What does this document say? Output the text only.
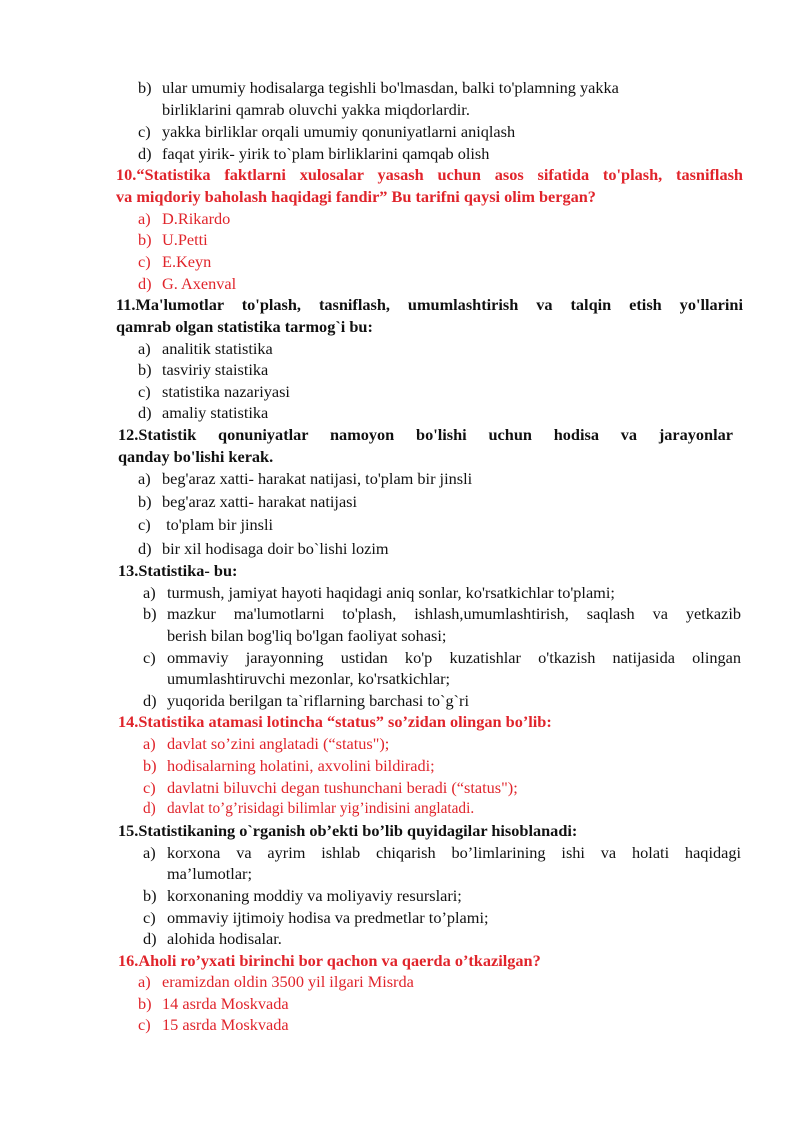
b) ular umumiy hodisalarga tegishli bo'lmasdan, balki to'plamning yakka
birliklarini qamrab oluvchi yakka miqdorlardir.
c) yakka birliklar orqali umumiy qonuniyatlarni aniqlash
d) faqat yirik- yirik to`plam birliklarini qamqab olish
10.“Statistika faktlarni xulosalar yasash uchun asos sifatida to'plash, tasniflash
va miqdoriy baholash haqidagi fandir” Bu tarifni qaysi olim bergan?
a) D.Rikardo
b) U.Petti
c) E.Keyn
d) G. Axenval
11.Ma'lumotlar to'plash, tasniflash, umumlashtirish va talqin etish yo'llarini
qamrab olgan statistika tarmog`i bu:
a) analitik statistika
b) tasviriy staistika
c) statistika nazariyasi
d) amaliy statistika
12.Statistik qonuniyatlar namoyon bo'lishi uchun hodisa va jarayonlar
qanday bo'lishi kerak.
a) beg'araz xatti- harakat natijasi, to'plam bir jinsli
b) beg'araz xatti- harakat natijasi
c) to'plam bir jinsli
d) bir xil hodisaga doir bo`lishi lozim
13.Statistika- bu:
a) turmush, jamiyat hayoti haqidagi aniq sonlar, ko'rsatkichlar to'plami;
b) mazkur ma'lumotlarni to'plash, ishlash,umumlashtirish, saqlash va yetkazib
berish bilan bog'liq bo'lgan faoliyat sohasi;
c) ommaviy jarayonning ustidan ko'p kuzatishlar o'tkazish natijasida olingan
umumlashtiruvchi mezonlar, ko'rsatkichlar;
d) yuqorida berilgan ta`riflarning barchasi to`g`ri
14.Statistika atamasi lotincha “status” so’zidan olingan bo’lib:
a) davlat so’zini anglatadi (“status");
b) hodisalarning holatini, axvolini bildiradi;
c) davlatni biluvchi degan tushunchani beradi (“status");
d) davlat to’g’risidagi bilimlar yig’indisini anglatadi.
15.Statistikaning o`rganish ob’ekti bo’lib quyidagilar hisoblanadi:
a) korxona va ayrim ishlab chiqarish bo’limlarining ishi va holati haqidagi
ma’lumotlar;
b) korxonaning moddiy va moliyaviy resurslari;
c) ommaviy ijtimoiy hodisa va predmetlar to’plami;
d) alohida hodisalar.
16.Aholi ro’yxati birinchi bor qachon va qaerda o’tkazilgan?
a) eramizdan oldin 3500 yil ilgari Misrda
b) 14 asrda Moskvada
c) 15 asrda Moskvada
